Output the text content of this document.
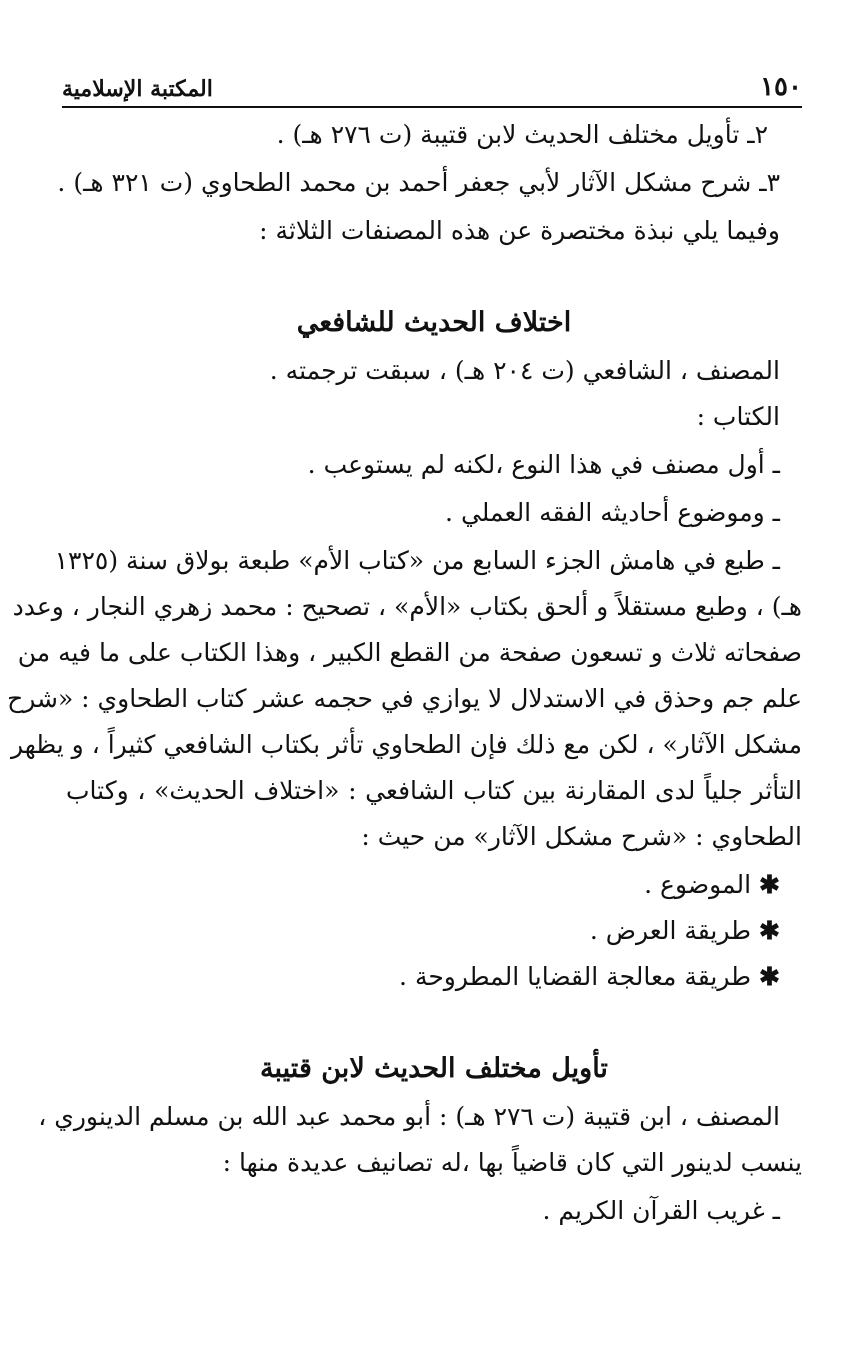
١٥٠
المكتبة الإسلامية
٢ـ تأويل مختلف الحديث لابن قتيبة (ت ٢٧٦ هـ) .
٣ـ شرح مشكل الآثار لأبي جعفر أحمد بن محمد الطحاوي (ت ٣٢١ هـ) .
وفيما يلي نبذة مختصرة عن هذه المصنفات الثلاثة :
اختلاف الحديث للشافعي
المصنف ، الشافعي (ت ٢٠٤ هـ) ، سبقت ترجمته .
الكتاب :
ـ أول مصنف في هذا النوع ،لكنه لم يستوعب .
ـ وموضوع أحاديثه الفقه العملي .
ـ طبع في هامش الجزء السابع من «كتاب الأم» طبعة بولاق سنة (١٣٢٥
هـ) ، وطبع مستقلاً و ألحق بكتاب «الأم» ، تصحيح : محمد زهري النجار ، وعدد
صفحاته ثلاث و تسعون صفحة من القطع الكبير ، وهذا الكتاب على ما فيه من
علم جم وحذق في الاستدلال لا يوازي في حجمه عشر كتاب الطحاوي : «شرح
مشكل الآثار» ، لكن مع ذلك فإن الطحاوي تأثر بكتاب الشافعي كثيراً ، و يظهر
التأثر جلياً لدى المقارنة بين كتاب الشافعي : «اختلاف الحديث» ، وكتاب
الطحاوي : «شرح مشكل الآثار» من حيث :
✱الموضوع .
✱طريقة العرض .
✱طريقة معالجة القضايا المطروحة .
تأويل مختلف الحديث لابن قتيبة
المصنف ، ابن قتيبة (ت ٢٧٦ هـ) : أبو محمد عبد الله بن مسلم الدينوري ،
ينسب لدينور التي كان قاضياً بها ،له تصانيف عديدة منها :
ـ غريب القرآن الكريم .
